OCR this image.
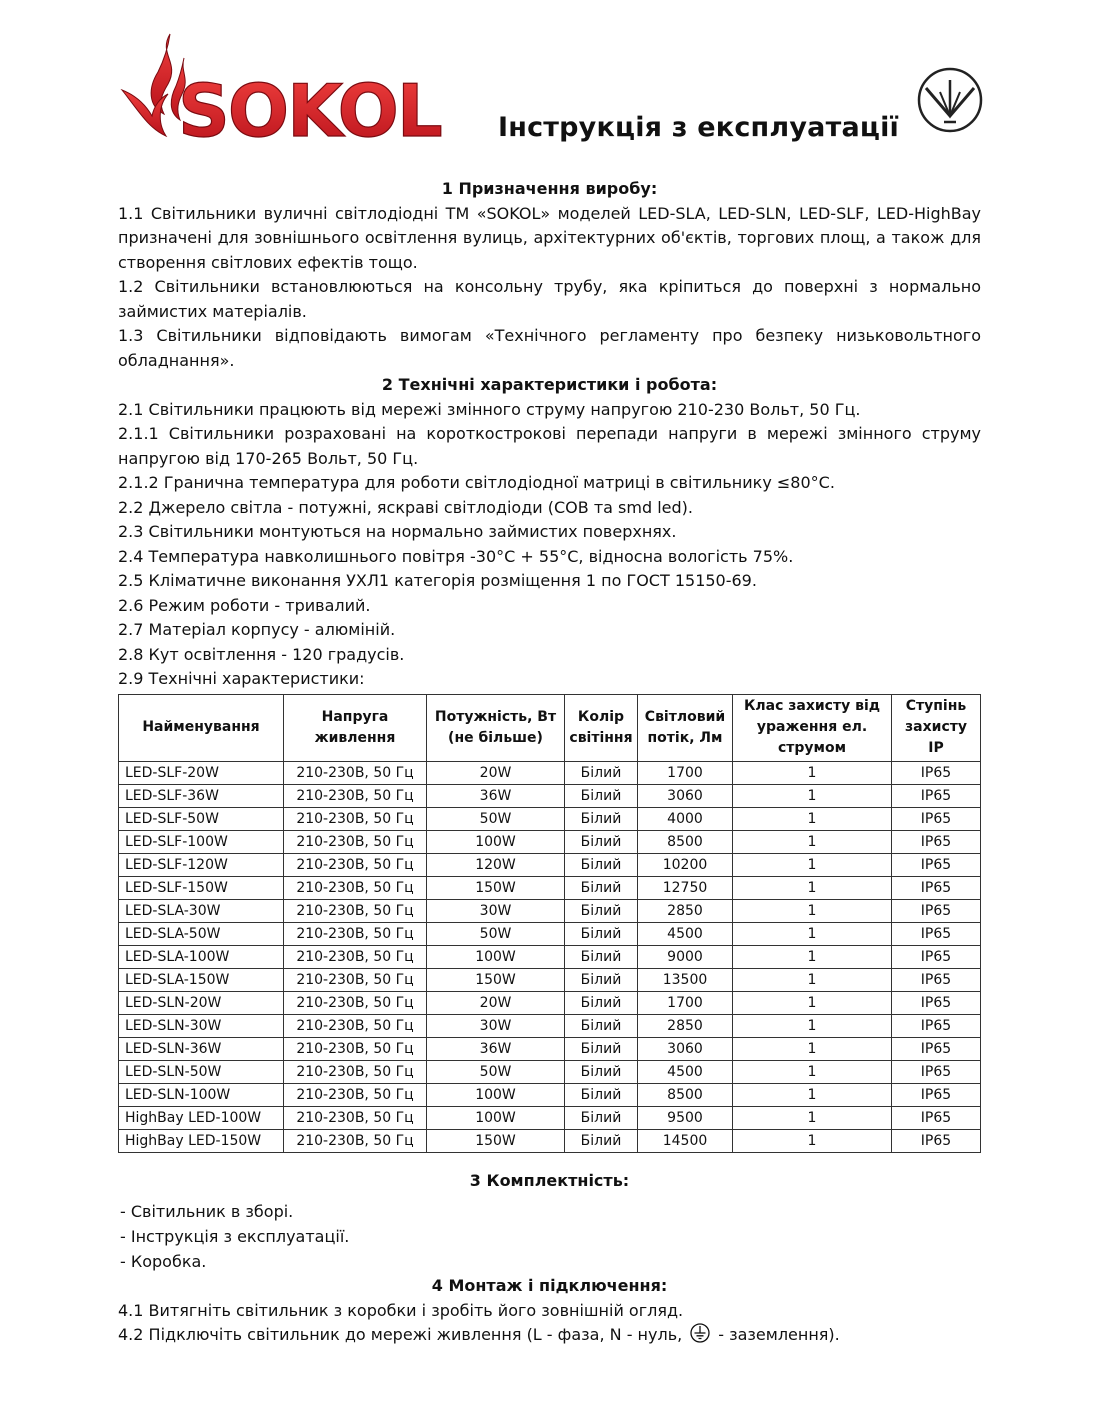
SOKOL Інструкція з експлуатації

1 Призначення виробу:

1.1 Світильники вуличні світлодіодні ТМ «SOKOL» моделей LED-SLA, LED-SLN, LED-SLF, LED-HighBay призначені для зовнішнього освітлення вулиць, архітектурних об'єктів, торгових площ, а також для створення світлових ефектів тощо.

1.2 Світильники встановлюються на консольну трубу, яка кріпиться до поверхні з нормально займистих матеріалів.

1.3 Світильники відповідають вимогам «Технічного регламенту про безпеку низьковольтного обладнання».

2 Технічні характеристики і робота:

2.1 Світильники працюють від мережі змінного струму напругою 210-230 Вольт, 50 Гц.

2.1.1 Світильники розраховані на короткострокові перепади напруги в мережі змінного струму напругою від 170-265 Вольт, 50 Гц.

2.1.2 Гранична температура для роботи світлодіодної матриці в світильнику ≤80°C.

2.2 Джерело світла - потужні, яскраві світлодіоди (COB та smd led).

2.3 Світильники монтуються на нормально займистих поверхнях.

2.4 Температура навколишнього повітря -30°C + 55°C, відносна вологість 75%.

2.5 Кліматичне виконання УХЛ1 категорія розміщення 1 по ГОСТ 15150-69.

2.6 Режим роботи - тривалий.

2.7 Матеріал корпусу - алюміній.

2.8 Кут освітлення - 120 градусів.

2.9 Технічні характеристики:

Найменування	Напруга живлення	Потужність, Вт (не більше)	Колір світіння	Світловий потік, Лм	Клас захисту від ураження ел. струмом	Ступінь захисту IP
LED-SLF-20W	210-230В, 50 Гц	20W	Білий	1700	1	IP65
LED-SLF-36W	210-230В, 50 Гц	36W	Білий	3060	1	IP65
LED-SLF-50W	210-230В, 50 Гц	50W	Білий	4000	1	IP65
LED-SLF-100W	210-230В, 50 Гц	100W	Білий	8500	1	IP65
LED-SLF-120W	210-230В, 50 Гц	120W	Білий	10200	1	IP65
LED-SLF-150W	210-230В, 50 Гц	150W	Білий	12750	1	IP65
LED-SLA-30W	210-230В, 50 Гц	30W	Білий	2850	1	IP65
LED-SLA-50W	210-230В, 50 Гц	50W	Білий	4500	1	IP65
LED-SLA-100W	210-230В, 50 Гц	100W	Білий	9000	1	IP65
LED-SLA-150W	210-230В, 50 Гц	150W	Білий	13500	1	IP65
LED-SLN-20W	210-230В, 50 Гц	20W	Білий	1700	1	IP65
LED-SLN-30W	210-230В, 50 Гц	30W	Білий	2850	1	IP65
LED-SLN-36W	210-230В, 50 Гц	36W	Білий	3060	1	IP65
LED-SLN-50W	210-230В, 50 Гц	50W	Білий	4500	1	IP65
LED-SLN-100W	210-230В, 50 Гц	100W	Білий	8500	1	IP65
HighBay LED-100W	210-230В, 50 Гц	100W	Білий	9500	1	IP65
HighBay LED-150W	210-230В, 50 Гц	150W	Білий	14500	1	IP65

3 Комплектність:

- Світильник в зборі.
- Інструкція з експлуатації.
- Коробка.

4 Монтаж і підключення:

4.1 Витягніть світильник з коробки і зробіть його зовнішній огляд.

4.2 Підключіть світильник до мережі живлення (L - фаза, N - нуль, - заземлення).
